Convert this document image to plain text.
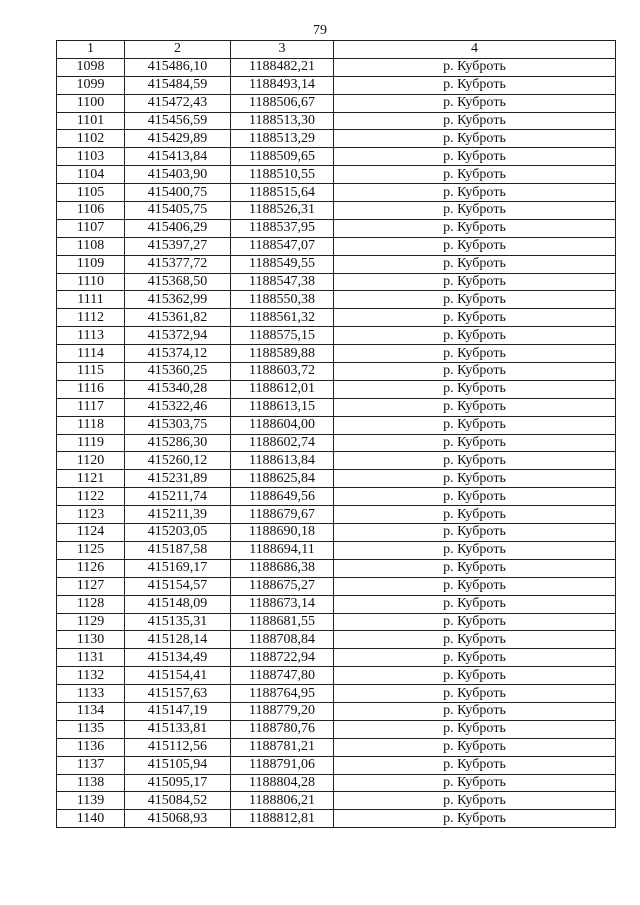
79
1	2	3	4
1098	415486,10	1188482,21	р. Кубрoть
1099	415484,59	1188493,14	р. Кубрoть
1100	415472,43	1188506,67	р. Кубрoть
1101	415456,59	1188513,30	р. Кубрoть
1102	415429,89	1188513,29	р. Кубрoть
1103	415413,84	1188509,65	р. Кубрoть
1104	415403,90	1188510,55	р. Кубрoть
1105	415400,75	1188515,64	р. Кубрoть
1106	415405,75	1188526,31	р. Кубрoть
1107	415406,29	1188537,95	р. Кубрoть
1108	415397,27	1188547,07	р. Кубрoть
1109	415377,72	1188549,55	р. Кубрoть
1110	415368,50	1188547,38	р. Кубрoть
1111	415362,99	1188550,38	р. Кубрoть
1112	415361,82	1188561,32	р. Кубрoть
1113	415372,94	1188575,15	р. Кубрoть
1114	415374,12	1188589,88	р. Кубрoть
1115	415360,25	1188603,72	р. Кубрoть
1116	415340,28	1188612,01	р. Кубрoть
1117	415322,46	1188613,15	р. Кубрoть
1118	415303,75	1188604,00	р. Кубрoть
1119	415286,30	1188602,74	р. Кубрoть
1120	415260,12	1188613,84	р. Кубрoть
1121	415231,89	1188625,84	р. Кубрoть
1122	415211,74	1188649,56	р. Кубрoть
1123	415211,39	1188679,67	р. Кубрoть
1124	415203,05	1188690,18	р. Кубрoть
1125	415187,58	1188694,11	р. Кубрoть
1126	415169,17	1188686,38	р. Кубрoть
1127	415154,57	1188675,27	р. Кубрoть
1128	415148,09	1188673,14	р. Кубрoть
1129	415135,31	1188681,55	р. Кубрoть
1130	415128,14	1188708,84	р. Кубрoть
1131	415134,49	1188722,94	р. Кубрoть
1132	415154,41	1188747,80	р. Кубрoть
1133	415157,63	1188764,95	р. Кубрoть
1134	415147,19	1188779,20	р. Кубрoть
1135	415133,81	1188780,76	р. Кубрoть
1136	415112,56	1188781,21	р. Кубрoть
1137	415105,94	1188791,06	р. Кубрoть
1138	415095,17	1188804,28	р. Кубрoть
1139	415084,52	1188806,21	р. Кубрoть
1140	415068,93	1188812,81	р. Кубрoть
